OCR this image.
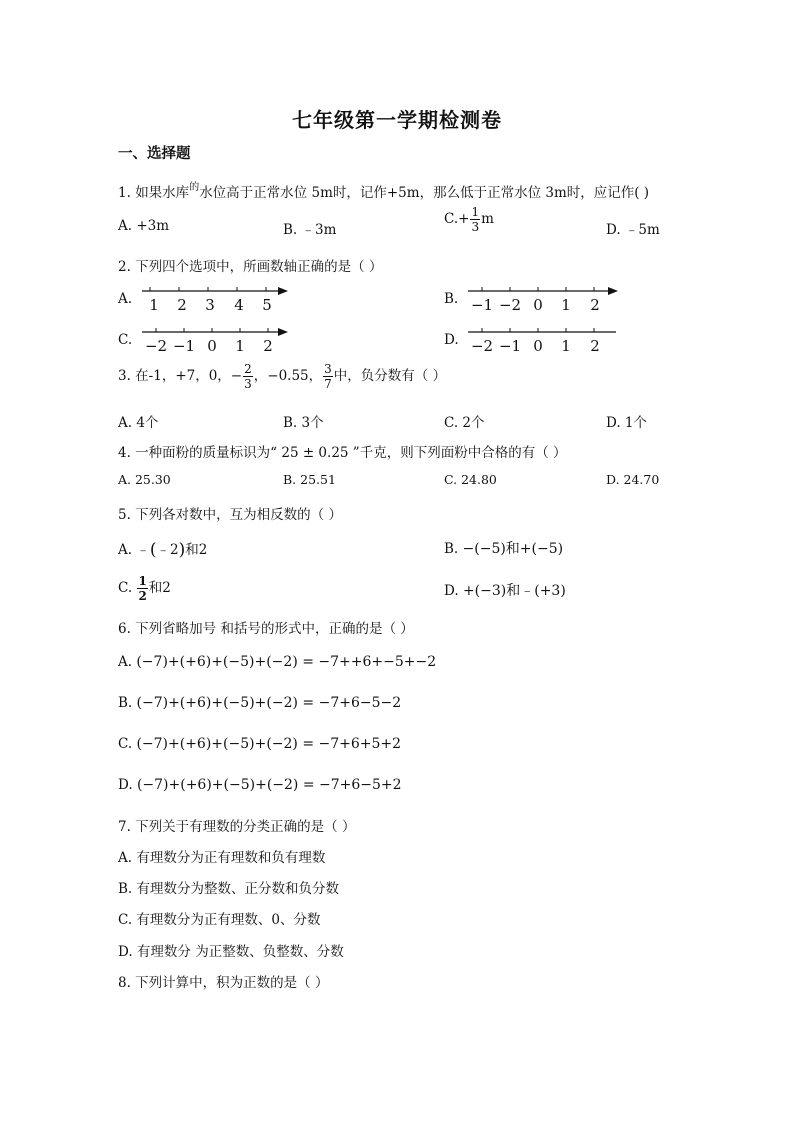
七年级第一学期检测卷
一、选择题
1. 如果水库$^的$水位高于正常水位 5m时，记作+5m，那么低于正常水位 3m时，应记作( )
A. +3m	B. ﹣3m
$C.+ \frac{1}{3}$ m
D. ﹣5m
2. 下列四个选项中，所画数轴正确的是（ ）
A. 1 2 3 4 5	B. −1 −2 0 1 2
C. −2 −1 0 1 2	D. −2 −1 0 1 2
3. 在-1，+7，0，− $\frac{2}{3}$ ，−0.55， $\frac{3}{7}$ 中，负分数有（ ）
A. 4个	B. 3个	C. 2个	D. 1个
4. 一种面粉的质量标识为“ 25 ± 0.25 ”千克，则下列面粉中合格的有（ ）
A. 25.30	B. 25.51	C. 24.80	D. 24.70
5. 下列各对数中，互为相反数的（ ）
A. ﹣(﹣2)和2	B. −(−5)和+(−5)
C. $\frac{1}{2}$ 和2	D. +(−3)和﹣(+3)
6. 下列省略加号 和括号的形式中，正确的是（ ）
A. (−7)+(+6)+(−5)+(−2) = −7++6+−5+−2
B. (−7)+(+6)+(−5)+(−2) = −7+6−5−2
C. (−7)+(+6)+(−5)+(−2) = −7+6+5+2
D. (−7)+(+6)+(−5)+(−2) = −7+6−5+2
7. 下列关于有理数的分类正确的是（ ）
A. 有理数分为正有理数和负有理数
B. 有理数分为整数、正分数和负分数
C. 有理数分为正有理数、0、分数
D. 有理数分 为正整数、负整数、分数
8. 下列计算中，积为正数的是（ ）
